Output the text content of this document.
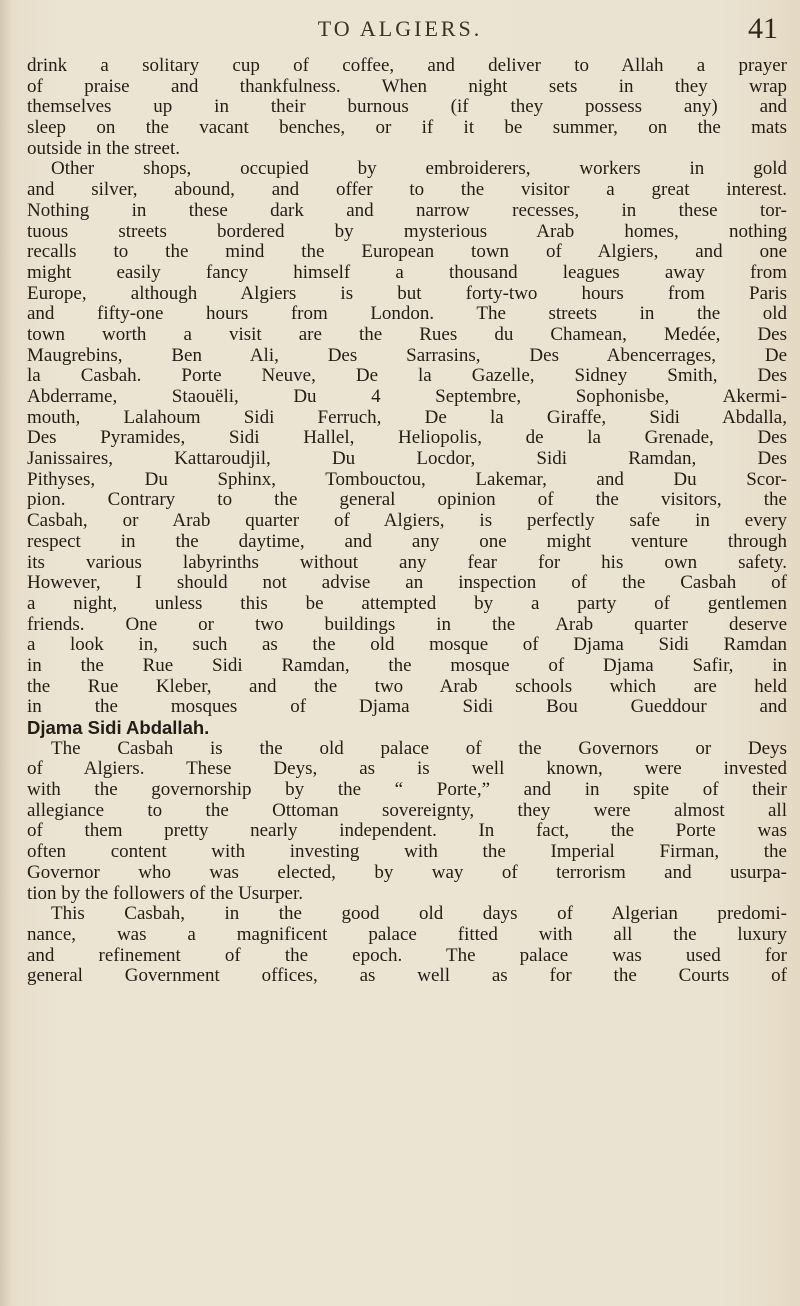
TO ALGIERS.	41
drink a solitary cup of coffee, and deliver to Allah a prayer
of praise and thankfulness. When night sets in they wrap
themselves up in their burnous (if they possess any) and
sleep on the vacant benches, or if it be summer, on the mats
outside in the street.
Other shops, occupied by embroiderers, workers in gold
and silver, abound, and offer to the visitor a great interest.
Nothing in these dark and narrow recesses, in these tor-
tuous streets bordered by mysterious Arab homes, nothing
recalls to the mind the European town of Algiers, and one
might easily fancy himself a thousand leagues away from
Europe, although Algiers is but forty-two hours from Paris
and fifty-one hours from London. The streets in the old
town worth a visit are the Rues du Chamean, Medée, Des
Maugrebins, Ben Ali, Des Sarrasins, Des Abencerrages, De
la Casbah. Porte Neuve, De la Gazelle, Sidney Smith, Des
Abderrame, Staouëli, Du 4 Septembre, Sophonisbe, Akermi-
mouth, Lalahoum Sidi Ferruch, De la Giraffe, Sidi Abdalla,
Des Pyramides, Sidi Hallel, Heliopolis, de la Grenade, Des
Janissaires, Kattaroudjil, Du Locdor, Sidi Ramdan, Des
Pithyses, Du Sphinx, Tombouctou, Lakemar, and Du Scor-
pion. Contrary to the general opinion of the visitors, the
Casbah, or Arab quarter of Algiers, is perfectly safe in every
respect in the daytime, and any one might venture through
its various labyrinths without any fear for his own safety.
However, I should not advise an inspection of the Casbah of
a night, unless this be attempted by a party of gentlemen
friends. One or two buildings in the Arab quarter deserve
a look in, such as the old mosque of Djama Sidi Ramdan
in the Rue Sidi Ramdan, the mosque of Djama Safir, in
the Rue Kleber, and the two Arab schools which are held
in the mosques of Djama Sidi Bou Gueddour and
Djama Sidi Abdallah.
The Casbah is the old palace of the Governors or Deys
of Algiers. These Deys, as is well known, were invested
with the governorship by the “ Porte,” and in spite of their
allegiance to the Ottoman sovereignty, they were almost all
of them pretty nearly independent. In fact, the Porte was
often content with investing with the Imperial Firman, the
Governor who was elected, by way of terrorism and usurpa-
tion by the followers of the Usurper.
This Casbah, in the good old days of Algerian predomi-
nance, was a magnificent palace fitted with all the luxury
and refinement of the epoch. The palace was used for
general Government offices, as well as for the Courts of
